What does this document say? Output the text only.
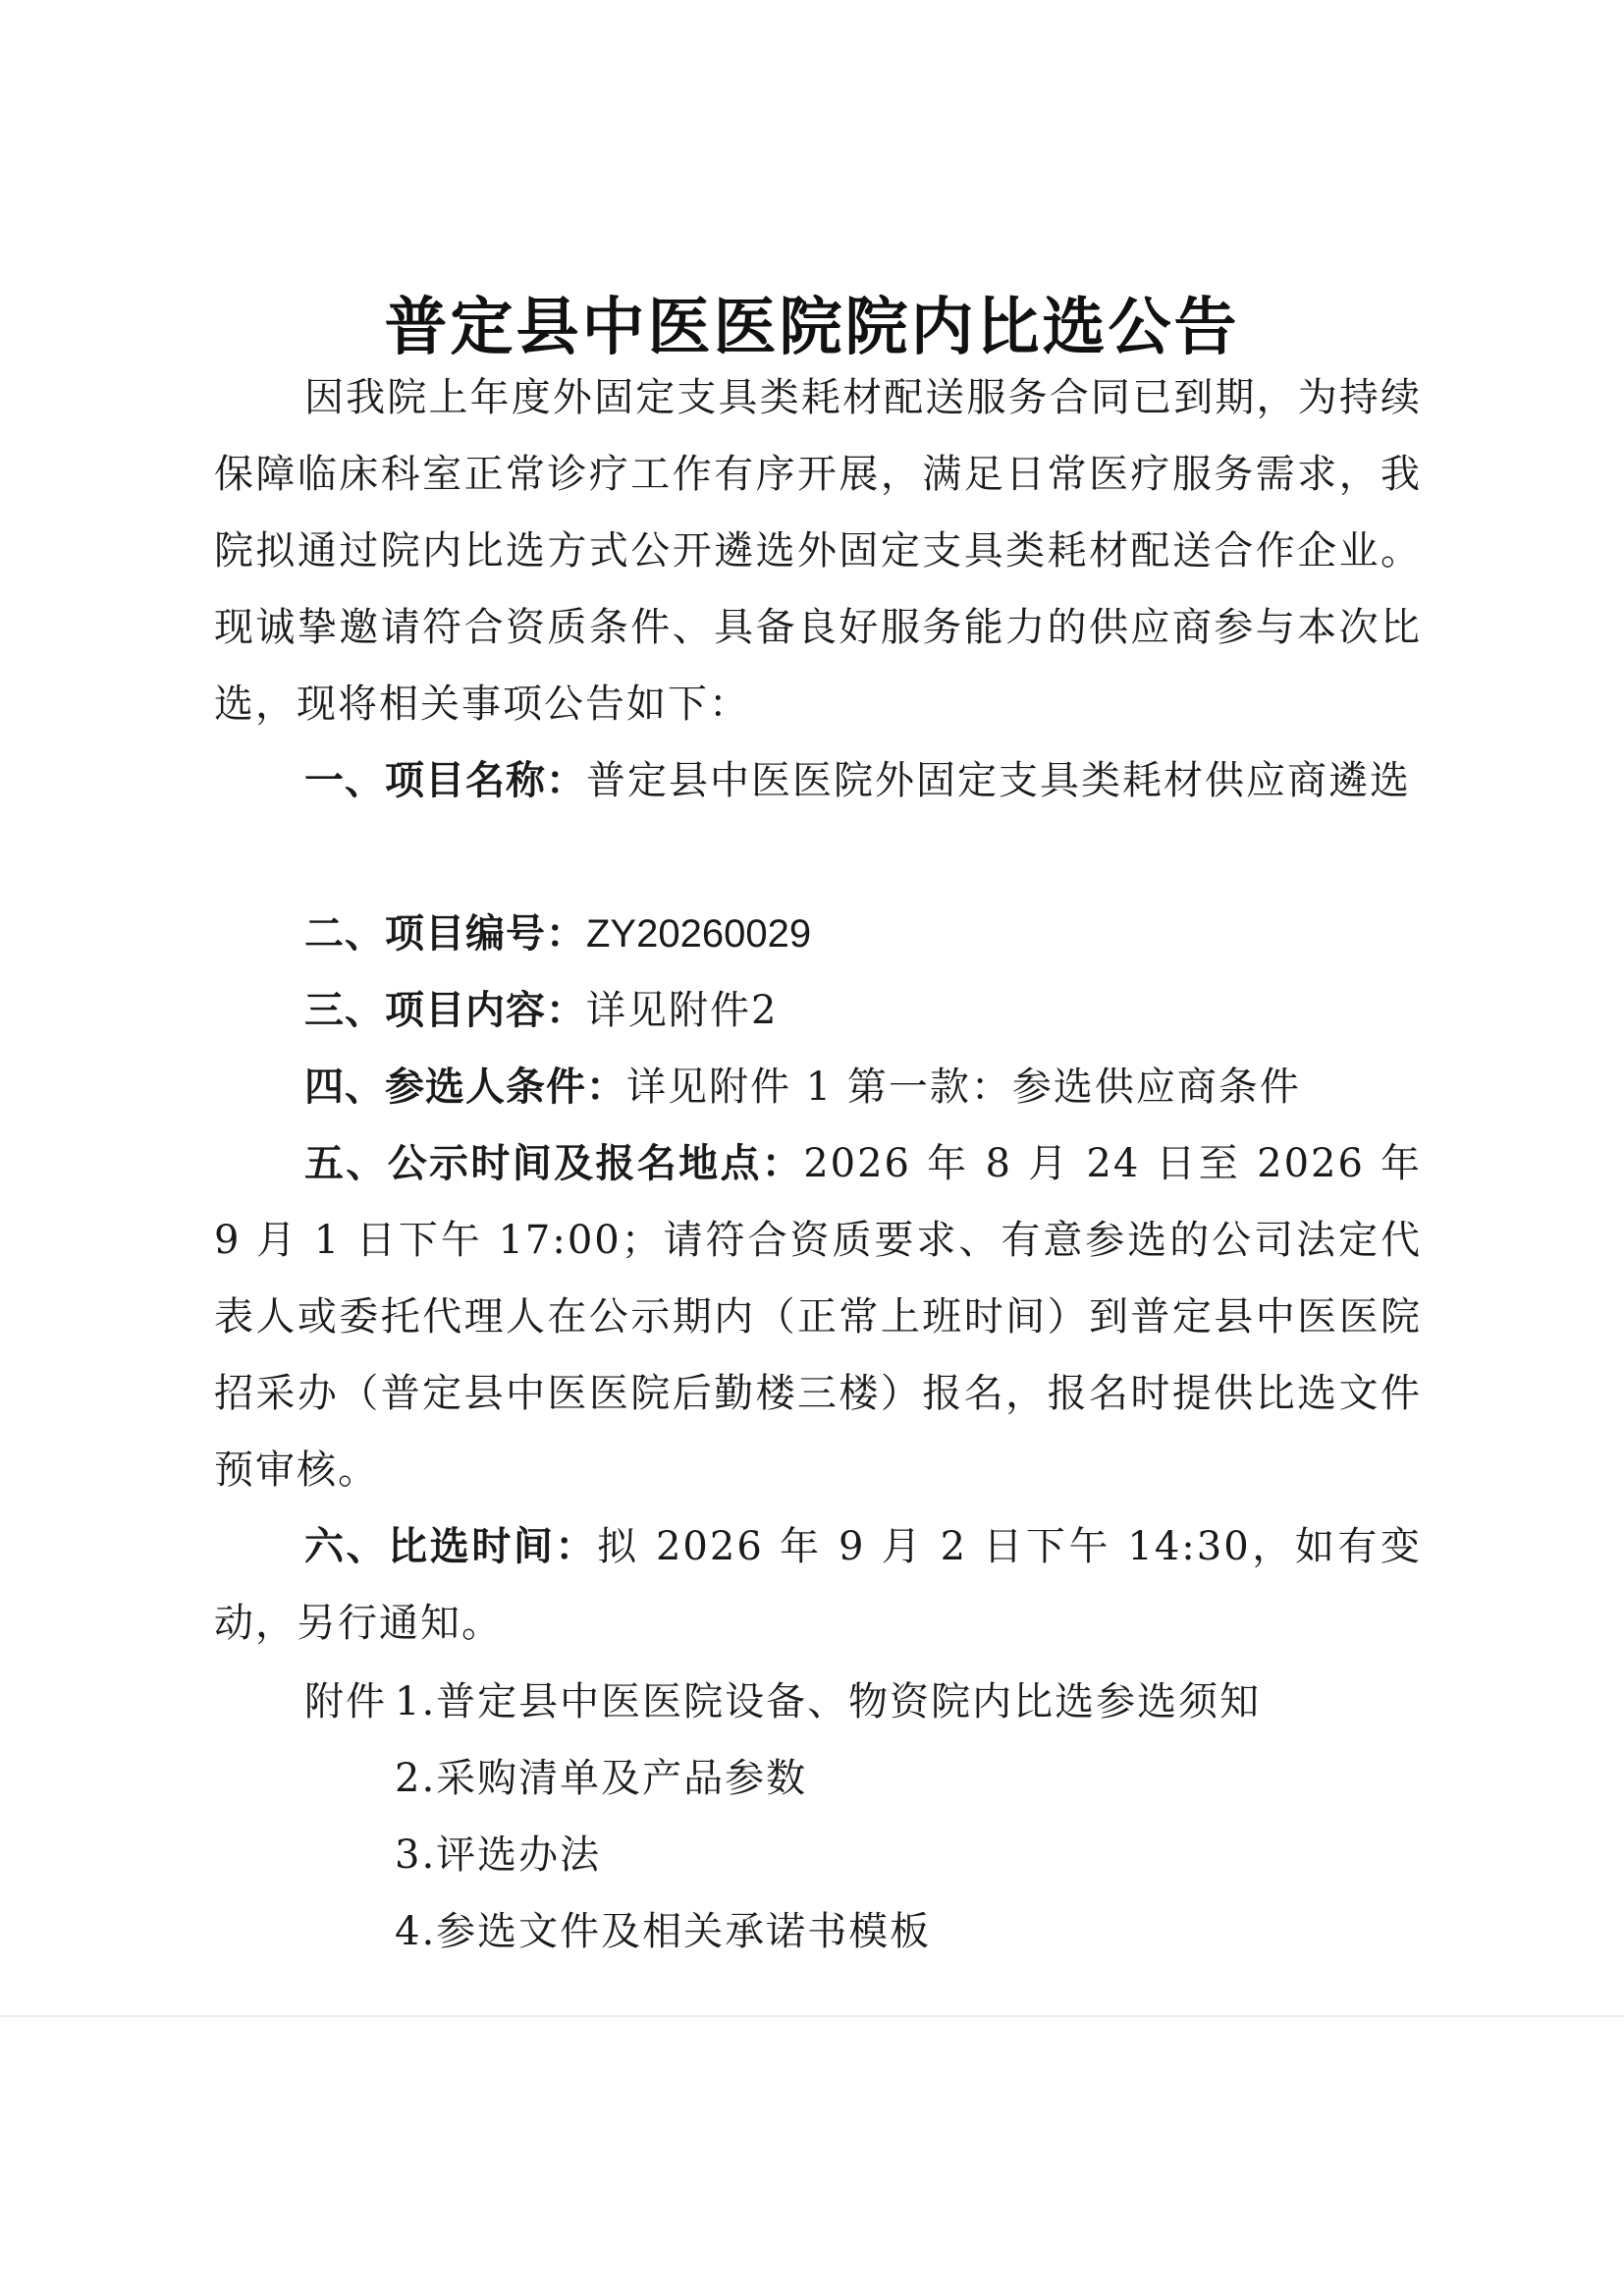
普定县中医医院院内比选公告
因我院上年度外固定支具类耗材配送服务合同已到期，为持续保障临床科室正常诊疗工作有序开展，满足日常医疗服务需求，我院拟通过院内比选方式公开遴选外固定支具类耗材配送合作企业。现诚挚邀请符合资质条件、具备良好服务能力的供应商参与本次比选，现将相关事项公告如下：
一、项目名称：普定县中医医院外固定支具类耗材供应商遴选
二、项目编号：ZY20260029
三、项目内容：详见附件2
四、参选人条件：详见附件 1 第一款：参选供应商条件
五、公示时间及报名地点：2026 年 8 月 24 日至 2026 年 9 月 1 日下午 17:00；请符合资质要求、有意参选的公司法定代表人或委托代理人在公示期内（正常上班时间）到普定县中医医院招采办（普定县中医医院后勤楼三楼）报名，报名时提供比选文件预审核。
六、比选时间：拟 2026 年 9 月 2 日下午 14:30，如有变动，另行通知。
附件 1. 普定县中医医院设备、物资院内比选参选须知
2. 采购清单及产品参数
3. 评选办法
4. 参选文件及相关承诺书模板
